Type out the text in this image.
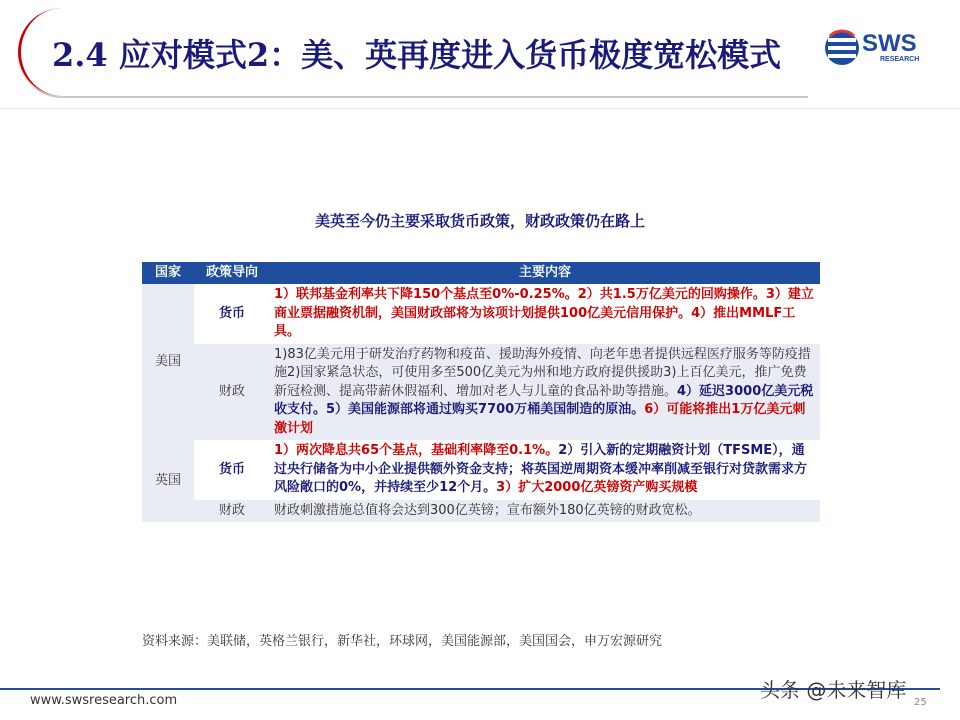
2.4 应对模式2：美、英再度进入货币极度宽松模式	SWS
RESEARCH
美英至今仍主要采取货币政策，财政政策仍在路上
国家	政策导向	主要内容
美国	货币	1）联邦基金利率共下降150个基点至0%-0.25%。2）共1.5万亿美元的回购操作。3）建立商业票据融资机制，美国财政部将为该项计划提供100亿美元信用保护。4）推出MMLF工具。
	财政	1)83亿美元用于研发治疗药物和疫苗、援助海外疫情、向老年患者提供远程医疗服务等防疫措施2)国家紧急状态，可使用多至500亿美元为州和地方政府提供援助3)上百亿美元，推广免费新冠检测、提高带薪休假福利、增加对老人与儿童的食品补助等措施。4）延迟3000亿美元税收支付。5）美国能源部将通过购买7700万桶美国制造的原油。6）可能将推出1万亿美元刺激计划
英国	货币	1）两次降息共65个基点，基础利率降至0.1%。2）引入新的定期融资计划（TFSME），通过央行储备为中小企业提供额外资金支持；将英国逆周期资本缓冲率削减至银行对贷款需求方风险敞口的0%，并持续至少12个月。3）扩大2000亿英镑资产购买规模
	财政	财政刺激措施总值将会达到300亿英镑；宣布额外180亿英镑的财政宽松。
资料来源：美联储，英格兰银行，新华社，环球网，美国能源部，美国国会，申万宏源研究
www.swsresearch.com	头条 @未来智库
25
